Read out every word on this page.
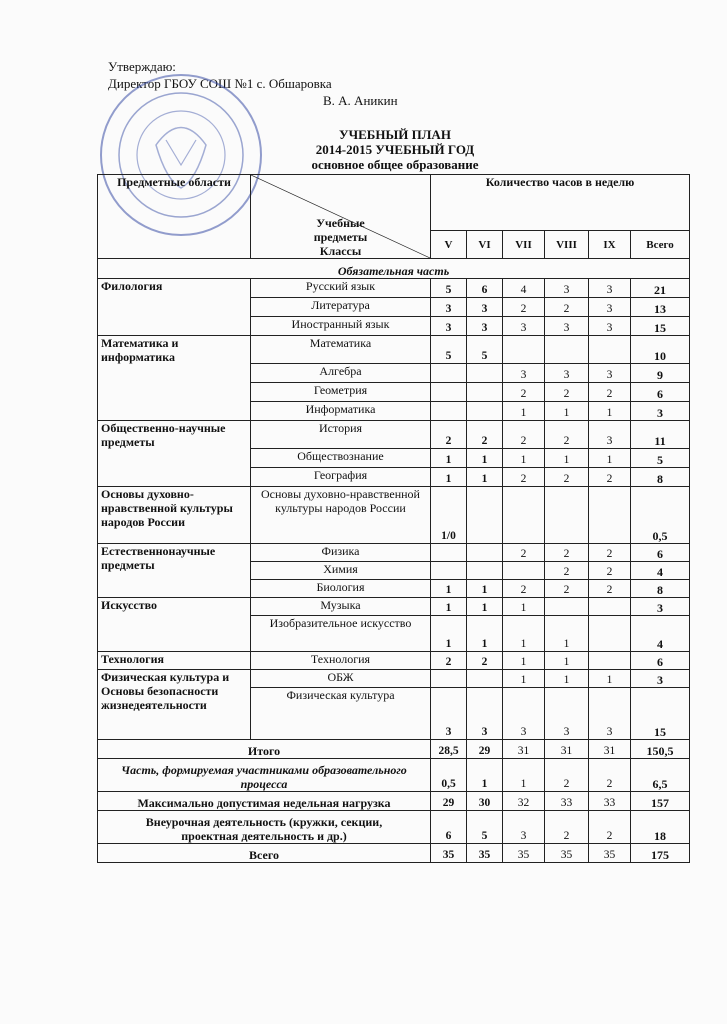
Утверждаю:
Директор ГБОУ СОШ №1 с. Обшаровка
В. А. Аникин
УЧЕБНЫЙ ПЛАН
2014-2015 УЧЕБНЫЙ ГОД
основное общее образование
Предметные области	Учебные предметы Классы	Количество часов в неделю					
		V	VI	VII	VIII	IX	Всего
Обязательная часть							
Филология	Русский язык	5	6	4	3	3	21
	Литература	3	3	2	2	3	13
	Иностранный язык	3	3	3	3	3	15
Математика и информатика	Математика	5	5				10
	Алгебра			3	3	3	9
	Геометрия			2	2	2	6
	Информатика			1	1	1	3
Общественно-научные предметы	История	2	2	2	2	3	11
	Обществознание	1	1	1	1	1	5
	География	1	1	2	2	2	8
Основы духовно-нравственной культуры народов России	Основы духовно-нравственной культуры народов России	1/0					0,5
Естественнонаучные предметы	Физика			2	2	2	6
	Химия				2	2	4
	Биология	1	1	2	2	2	8
Искусство	Музыка	1	1	1			3
	Изобразительное искусство	1	1	1	1		4
Технология	Технология	2	2	1	1		6
Физическая культура и Основы безопасности жизнедеятельности	ОБЖ			1	1	1	3
	Физическая культура	3	3	3	3	3	15
Итого		28,5	29	31	31	31	150,5
Часть, формируемая участниками образовательного процесса		0,5	1	1	2	2	6,5
Максимально допустимая недельная нагрузка		29	30	32	33	33	157
Внеурочная деятельность (кружки, секции, проектная деятельность и др.)		6	5	3	2	2	18
Всего		35	35	35	35	35	175
